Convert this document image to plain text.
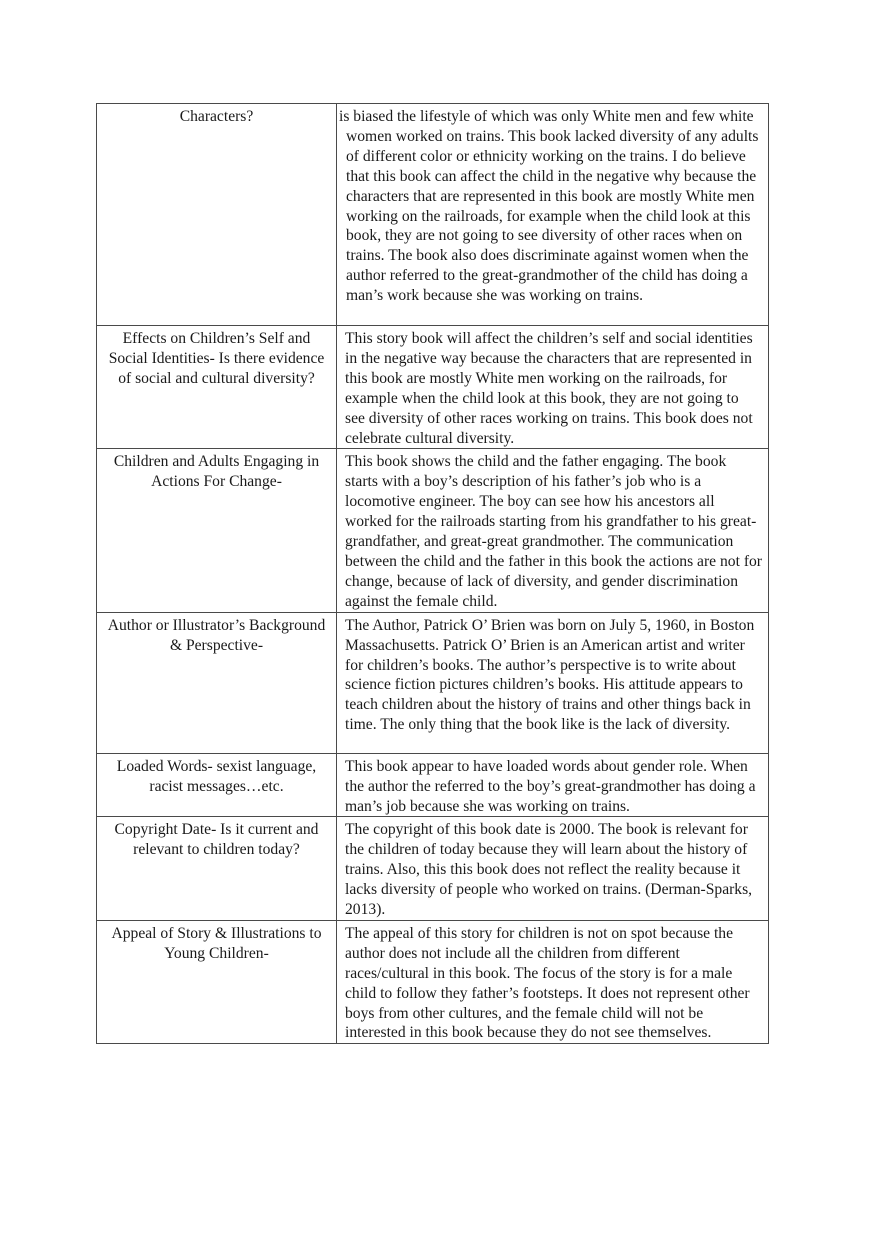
Characters?	is biased the lifestyle of which was only White men and few white women worked on trains. This book lacked diversity of any adults of different color or ethnicity working on the trains. I do believe that this book can affect the child in the negative why because the characters that are represented in this book are mostly White men working on the railroads, for example when the child look at this book, they are not going to see diversity of other races when on trains. The book also does discriminate against women when the author referred to the great-grandmother of the child has doing a man’s work because she was working on trains.

Effects on Children’s Self and Social Identities- Is there evidence of social and cultural diversity?	This story book will affect the children’s self and social identities in the negative way because the characters that are represented in this book are mostly White men working on the railroads, for example when the child look at this book, they are not going to see diversity of other races working on trains. This book does not celebrate cultural diversity.
Children and Adults Engaging in Actions For Change-	This book shows the child and the father engaging. The book starts with a boy’s description of his father’s job who is a locomotive engineer. The boy can see how his ancestors all worked for the railroads starting from his grandfather to his great-grandfather, and great-great grandmother. The communication between the child and the father in this book the actions are not for change, because of lack of diversity, and gender discrimination against the female child.
Author or Illustrator’s Background & Perspective-	The Author, Patrick O’ Brien was born on July 5, 1960, in Boston Massachusetts. Patrick O’ Brien is an American artist and writer for children’s books. The author’s perspective is to write about science fiction pictures children’s books. His attitude appears to teach children about the history of trains and other things back in time. The only thing that the book like is the lack of diversity.
Loaded Words- sexist language, racist messages…etc.	This book appear to have loaded words about gender role. When the author the referred to the boy’s great-grandmother has doing a man’s job because she was working on trains.
Copyright Date- Is it current and relevant to children today?	The copyright of this book date is 2000. The book is relevant for the children of today because they will learn about the history of trains. Also, this this book does not reflect the reality because it lacks diversity of people who worked on trains. (Derman-Sparks, 2013).
Appeal of Story & Illustrations to Young Children-	The appeal of this story for children is not on spot because the author does not include all the children from different races/cultural in this book. The focus of the story is for a male child to follow they father’s footsteps. It does not represent other boys from other cultures, and the female child will not be interested in this book because they do not see themselves.
